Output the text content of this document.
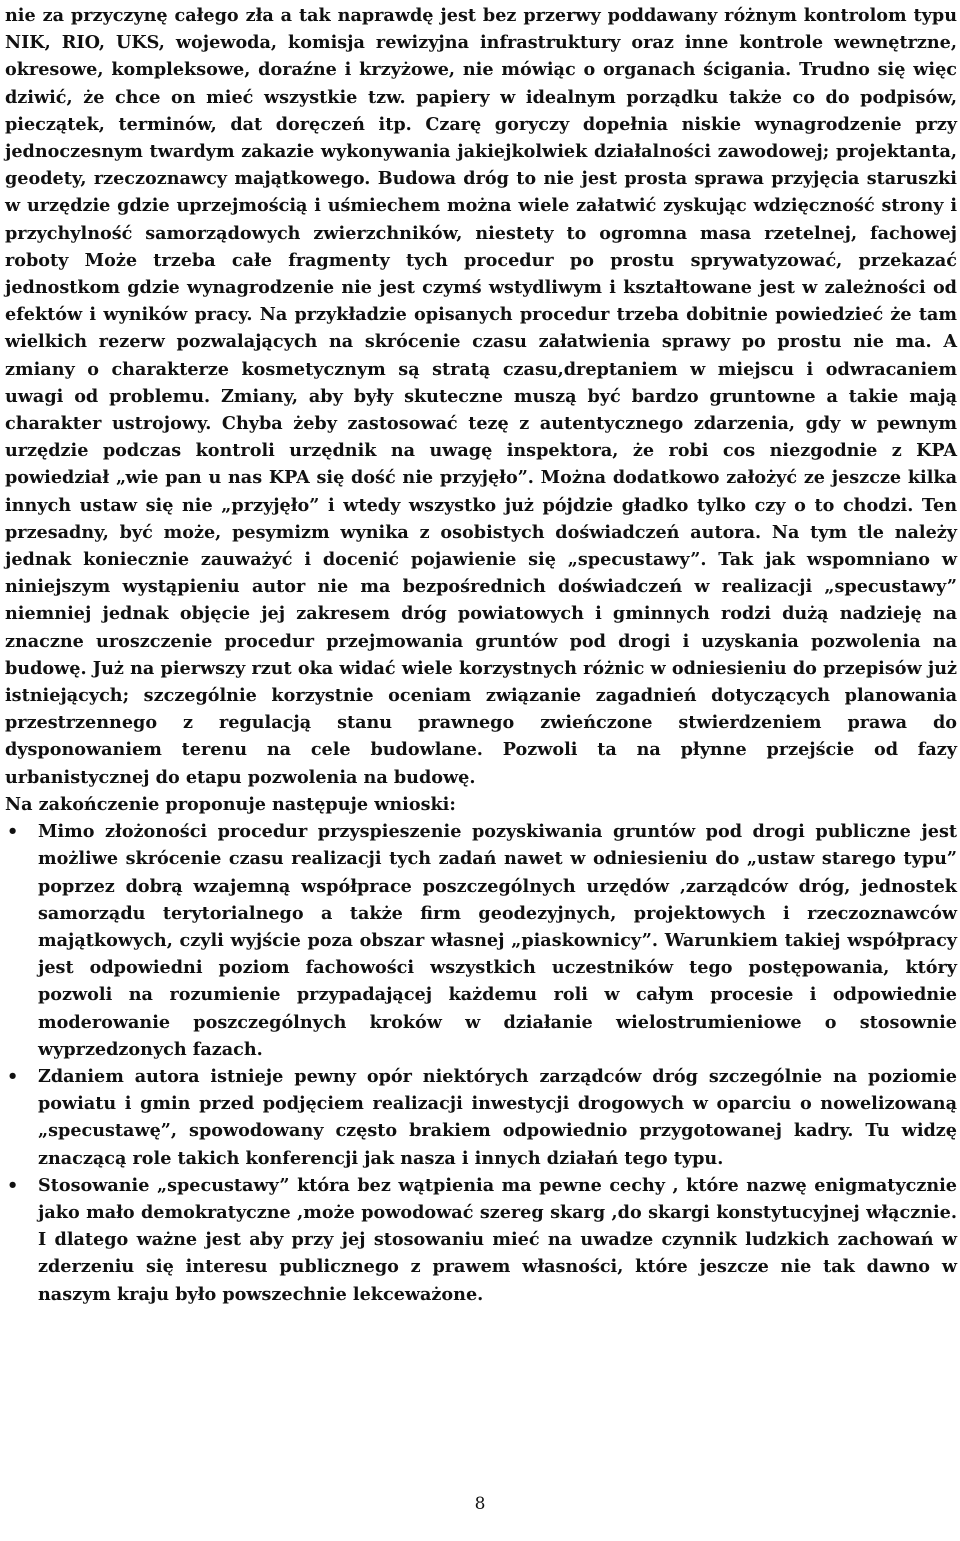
nie za przyczynę całego zła a tak naprawdę jest bez przerwy poddawany różnym kontrolom typu NIK, RIO, UKS, wojewoda, komisja rewizyjna infrastruktury oraz inne kontrole wewnętrzne, okresowe, kompleksowe, doraźne i krzyżowe, nie mówiąc o organach ścigania. Trudno się więc dziwić, że chce on mieć wszystkie tzw. papiery w idealnym porządku także co do podpisów, pieczątek, terminów, dat doręczeń itp. Czarę goryczy dopełnia niskie wynagrodzenie przy jednoczesnym twardym zakazie wykonywania jakiejkolwiek działalności zawodowej; projektanta, geodety, rzeczoznawcy majątkowego. Budowa dróg to nie jest prosta sprawa przyjęcia staruszki w urzędzie gdzie uprzejmością i uśmiechem można wiele załatwić zyskując wdzięczność strony i przychylność samorządowych zwierzchników, niestety to ogromna masa rzetelnej, fachowej roboty Może trzeba całe fragmenty tych procedur po prostu sprywatyzować, przekazać jednostkom gdzie wynagrodzenie nie jest czymś wstydliwym i kształtowane jest w zależności od efektów i wyników pracy. Na przykładzie opisanych procedur trzeba dobitnie powiedzieć że tam wielkich rezerw pozwalających na skrócenie czasu załatwienia sprawy po prostu nie ma. A zmiany o charakterze kosmetycznym są stratą czasu,dreptaniem w miejscu i odwracaniem uwagi od problemu. Zmiany, aby były skuteczne muszą być bardzo gruntowne a takie mają charakter ustrojowy. Chyba żeby zastosować tezę z autentycznego zdarzenia, gdy w pewnym urzędzie podczas kontroli urzędnik na uwagę inspektora, że robi cos niezgodnie z KPA powiedział „wie pan u nas KPA się dość nie przyjęło”. Można dodatkowo założyć ze jeszcze kilka innych ustaw się nie „przyjęło” i wtedy wszystko już pójdzie gładko tylko czy o to chodzi. Ten przesadny, być może, pesymizm wynika z osobistych doświadczeń autora. Na tym tle należy jednak koniecznie zauważyć i docenić pojawienie się „specustawy”. Tak jak wspomniano w niniejszym wystąpieniu autor nie ma bezpośrednich doświadczeń w realizacji „specustawy” niemniej jednak objęcie jej zakresem dróg powiatowych i gminnych rodzi dużą nadzieję na znaczne uroszczenie procedur przejmowania gruntów pod drogi i uzyskania pozwolenia na budowę. Już na pierwszy rzut oka widać wiele korzystnych różnic w odniesieniu do przepisów już istniejących; szczególnie korzystnie oceniam związanie zagadnień dotyczących planowania przestrzennego z regulacją stanu prawnego zwieńczone stwierdzeniem prawa do dysponowaniem terenu na cele budowlane. Pozwoli ta na płynne przejście od fazy urbanistycznej do etapu pozwolenia na budowę.

Na zakończenie proponuje następuje wnioski:

• Mimo złożoności procedur przyspieszenie pozyskiwania gruntów pod drogi publiczne jest możliwe skrócenie czasu realizacji tych zadań nawet w odniesieniu do „ustaw starego typu” poprzez dobrą wzajemną współprace poszczególnych urzędów ‚zarządców dróg, jednostek samorządu terytorialnego a także firm geodezyjnych, projektowych i rzeczoznawców majątkowych, czyli wyjście poza obszar własnej „piaskownicy”. Warunkiem takiej współpracy jest odpowiedni poziom fachowości wszystkich uczestników tego postępowania, który pozwoli na rozumienie przypadającej każdemu roli w całym procesie i odpowiednie moderowanie poszczególnych kroków w działanie wielostrumieniowe o stosownie wyprzedzonych fazach.
• Zdaniem autora istnieje pewny opór niektórych zarządców dróg szczególnie na poziomie powiatu i gmin przed podjęciem realizacji inwestycji drogowych w oparciu o nowelizowaną „specustawę”, spowodowany często brakiem odpowiednio przygotowanej kadry. Tu widzę znaczącą role takich konferencji jak nasza i innych działań tego typu.
• Stosowanie „specustawy” która bez wątpienia ma pewne cechy , które nazwę enigmatycznie jako mało demokratyczne ,może powodować szereg skarg ,do skargi konstytucyjnej włącznie. I dlatego ważne jest aby przy jej stosowaniu mieć na uwadze czynnik ludzkich zachowań w zderzeniu się interesu publicznego z prawem własności, które jeszcze nie tak dawno w naszym kraju było powszechnie lekceważone.
8
